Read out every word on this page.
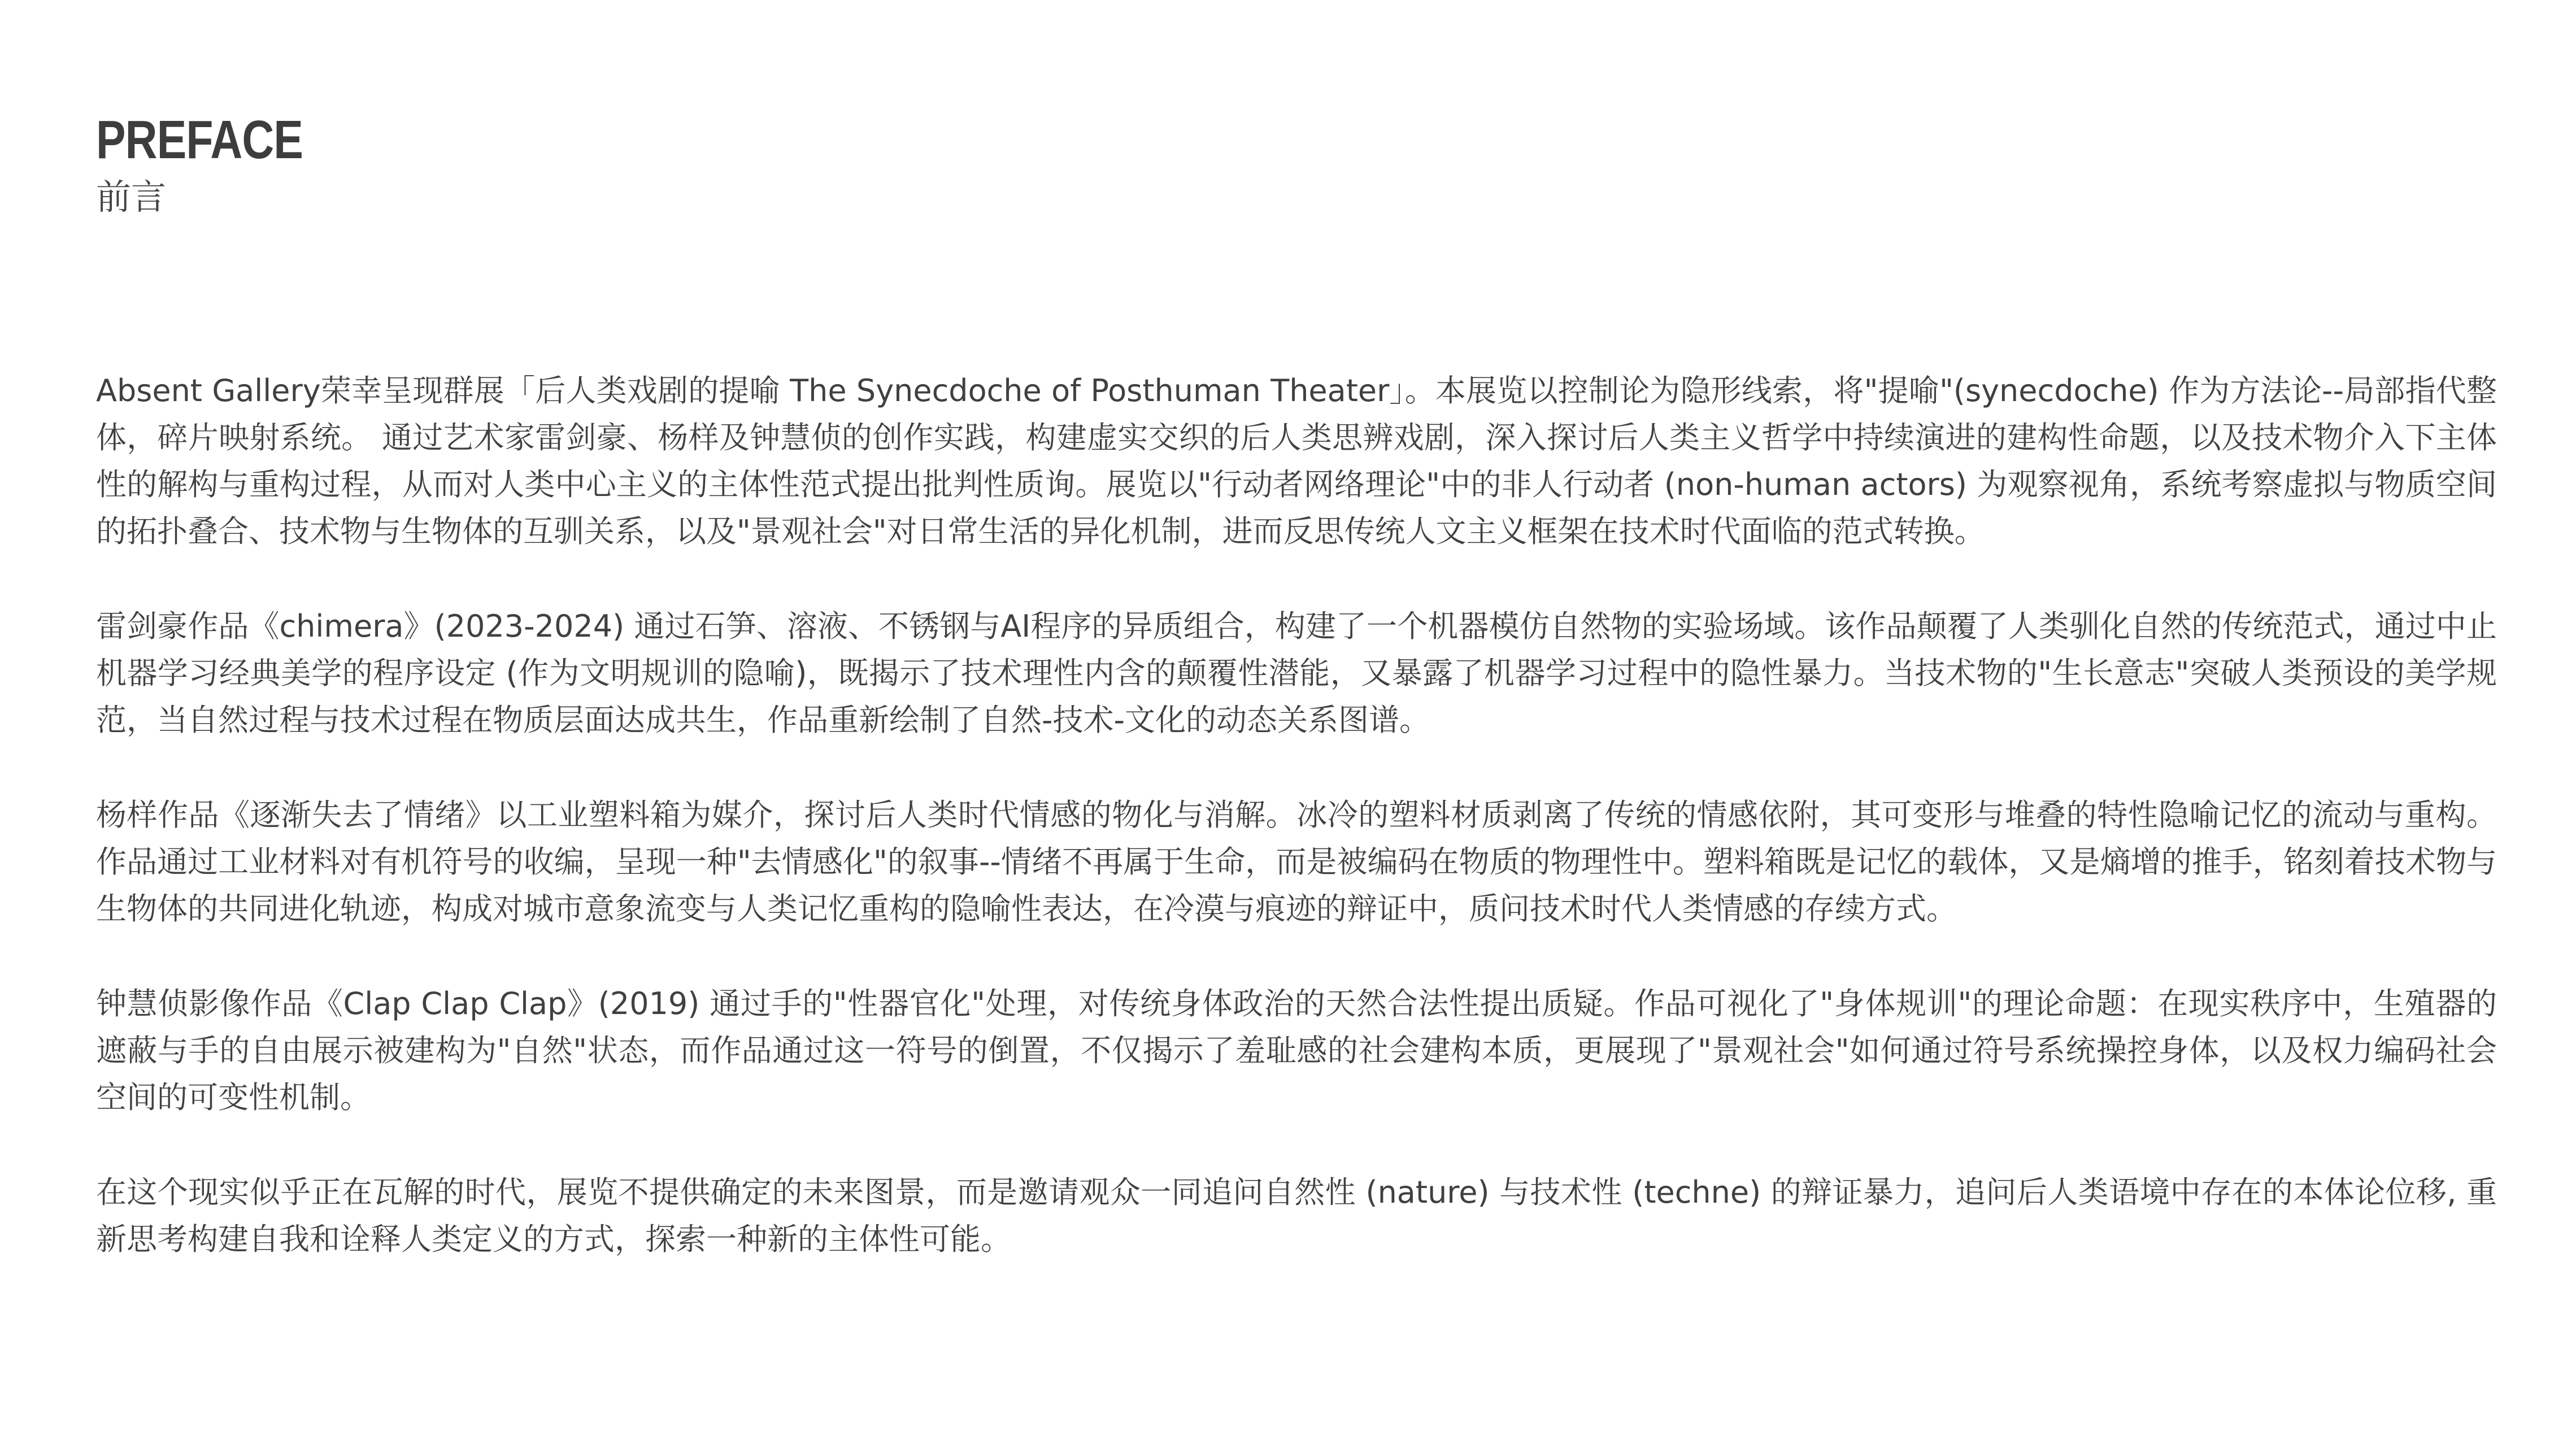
PREFACE
前言

Absent Gallery荣幸呈现群展「后人类戏剧的提喻 The Synecdoche of Posthuman Theater」。本展览以控制论为隐形线索，将"提喻"(synecdoche) 作为方法论--局部指代整体，碎片映射系统。 通过艺术家雷剑豪、杨样及钟慧侦的创作实践，构建虚实交织的后人类思辨戏剧，深入探讨后人类主义哲学中持续演进的建构性命题，以及技术物介入下主体性的解构与重构过程，从而对人类中心主义的主体性范式提出批判性质询。展览以"行动者网络理论"中的非人行动者 (non-human actors) 为观察视角，系统考察虚拟与物质空间的拓扑叠合、技术物与生物体的互驯关系，以及"景观社会"对日常生活的异化机制，进而反思传统人文主义框架在技术时代面临的范式转换。

雷剑豪作品《chimera》(2023-2024) 通过石笋、溶液、不锈钢与AI程序的异质组合，构建了一个机器模仿自然物的实验场域。该作品颠覆了人类驯化自然的传统范式，通过中止机器学习经典美学的程序设定 (作为文明规训的隐喻)，既揭示了技术理性内含的颠覆性潜能，又暴露了机器学习过程中的隐性暴力。当技术物的"生长意志"突破人类预设的美学规范，当自然过程与技术过程在物质层面达成共生，作品重新绘制了自然-技术-文化的动态关系图谱。

杨样作品《逐渐失去了情绪》以工业塑料箱为媒介，探讨后人类时代情感的物化与消解。冰冷的塑料材质剥离了传统的情感依附，其可变形与堆叠的特性隐喻记忆的流动与重构。作品通过工业材料对有机符号的收编，呈现一种"去情感化"的叙事--情绪不再属于生命，而是被编码在物质的物理性中。塑料箱既是记忆的载体，又是熵增的推手，铭刻着技术物与生物体的共同进化轨迹，构成对城市意象流变与人类记忆重构的隐喻性表达，在冷漠与痕迹的辩证中，质问技术时代人类情感的存续方式。

钟慧侦影像作品《Clap Clap Clap》(2019) 通过手的"性器官化"处理，对传统身体政治的天然合法性提出质疑。作品可视化了"身体规训"的理论命题：在现实秩序中，生殖器的遮蔽与手的自由展示被建构为"自然"状态，而作品通过这一符号的倒置，不仅揭示了羞耻感的社会建构本质，更展现了"景观社会"如何通过符号系统操控身体，以及权力编码社会空间的可变性机制。

在这个现实似乎正在瓦解的时代，展览不提供确定的未来图景，而是邀请观众一同追问自然性 (nature) 与技术性 (techne) 的辩证暴力，追问后人类语境中存在的本体论位移, 重新思考构建自我和诠释人类定义的方式，探索一种新的主体性可能。
